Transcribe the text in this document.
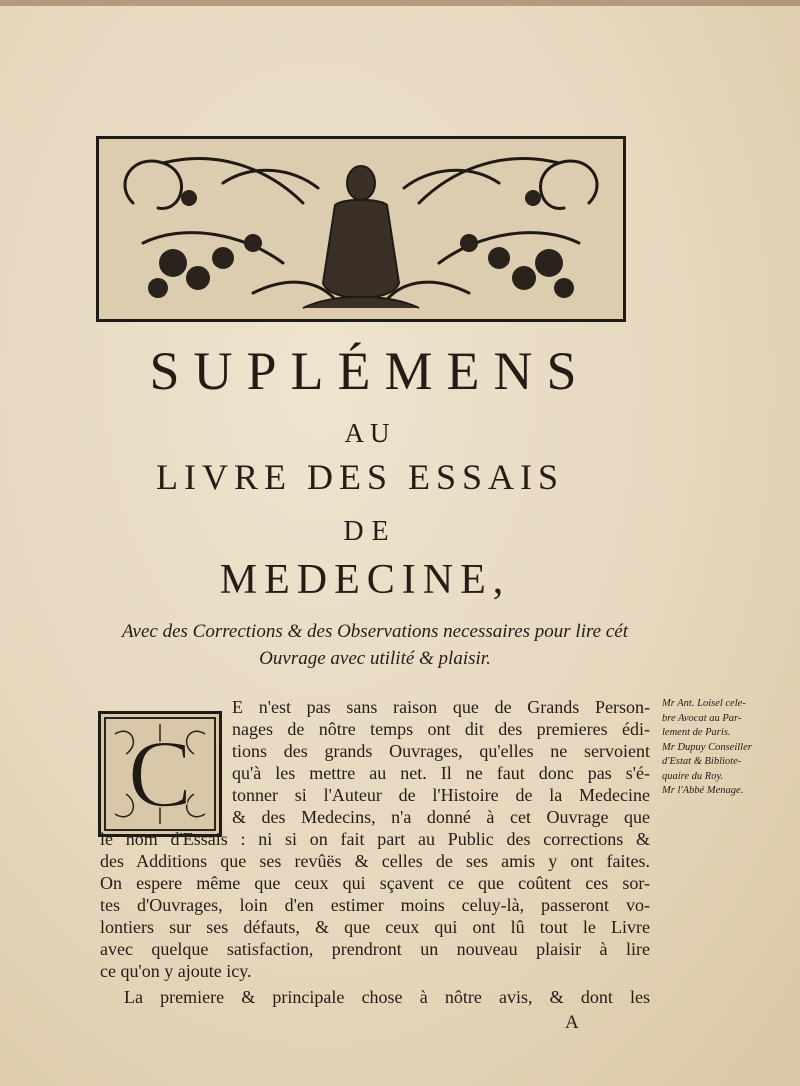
SUPLÉMENS
AU
LIVRE DES ESSAIS
DE
MEDECINE,
Avec des Corrections & des Observations necessaires pour lire cét
Ouvrage avec utilité & plaisir.
C
E n'est pas sans raison que de Grands Person-
nages de nôtre temps ont dit des premieres édi-
tions des grands Ouvrages, qu'elles ne servoient
qu'à les mettre au net. Il ne faut donc pas s'é-
tonner si l'Auteur de l'Histoire de la Medecine
& des Medecins, n'a donné à cet Ouvrage que
le nom d'Essais : ni si on fait part au Public des corrections &
des Additions que ses revûës & celles de ses amis y ont faites.
On espere même que ceux qui sçavent ce que coûtent ces sor-
tes d'Ouvrages, loin d'en estimer moins celuy-là, passeront vo-
lontiers sur ses défauts, & que ceux qui ont lû tout le Livre
avec quelque satisfaction, prendront un nouveau plaisir à lire
ce qu'on y ajoute icy.
La premiere & principale chose à nôtre avis, & dont les
Mr Ant. Loisel cele-
bre Avocat au Par-
lement de Paris.
Mr Dupuy Conseiller
d'Estat & Bibliote-
quaire du Roy.
Mr l'Abbé Menage.
A
